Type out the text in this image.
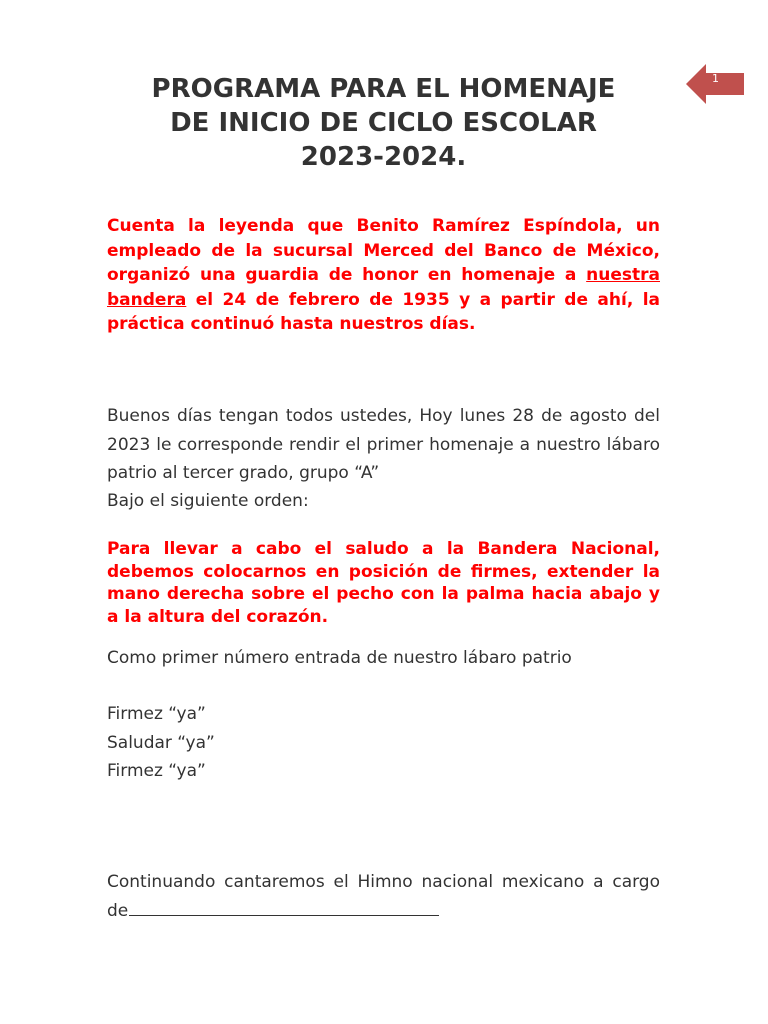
1
PROGRAMA PARA EL HOMENAJE
DE INICIO DE CICLO ESCOLAR
2023-2024.

Cuenta la leyenda que Benito Ramírez Espíndola, un empleado de la sucursal Merced del Banco de México, organizó una guardia de honor en homenaje a nuestra bandera el 24 de febrero de 1935 y a partir de ahí, la práctica continuó hasta nuestros días.

Buenos días tengan todos ustedes, Hoy lunes 28 de agosto del 2023 le corresponde rendir el primer homenaje a nuestro lábaro patrio al tercer grado, grupo “A”

Bajo el siguiente orden:

Para llevar a cabo el saludo a la Bandera Nacional, debemos colocarnos en posición de firmes, extender la mano derecha sobre el pecho con la palma hacia abajo y a la altura del corazón.

Como primer número entrada de nuestro lábaro patrio

Firmez “ya”
Saludar “ya”
Firmez “ya”

Continuando cantaremos el Himno nacional mexicano a cargo de
